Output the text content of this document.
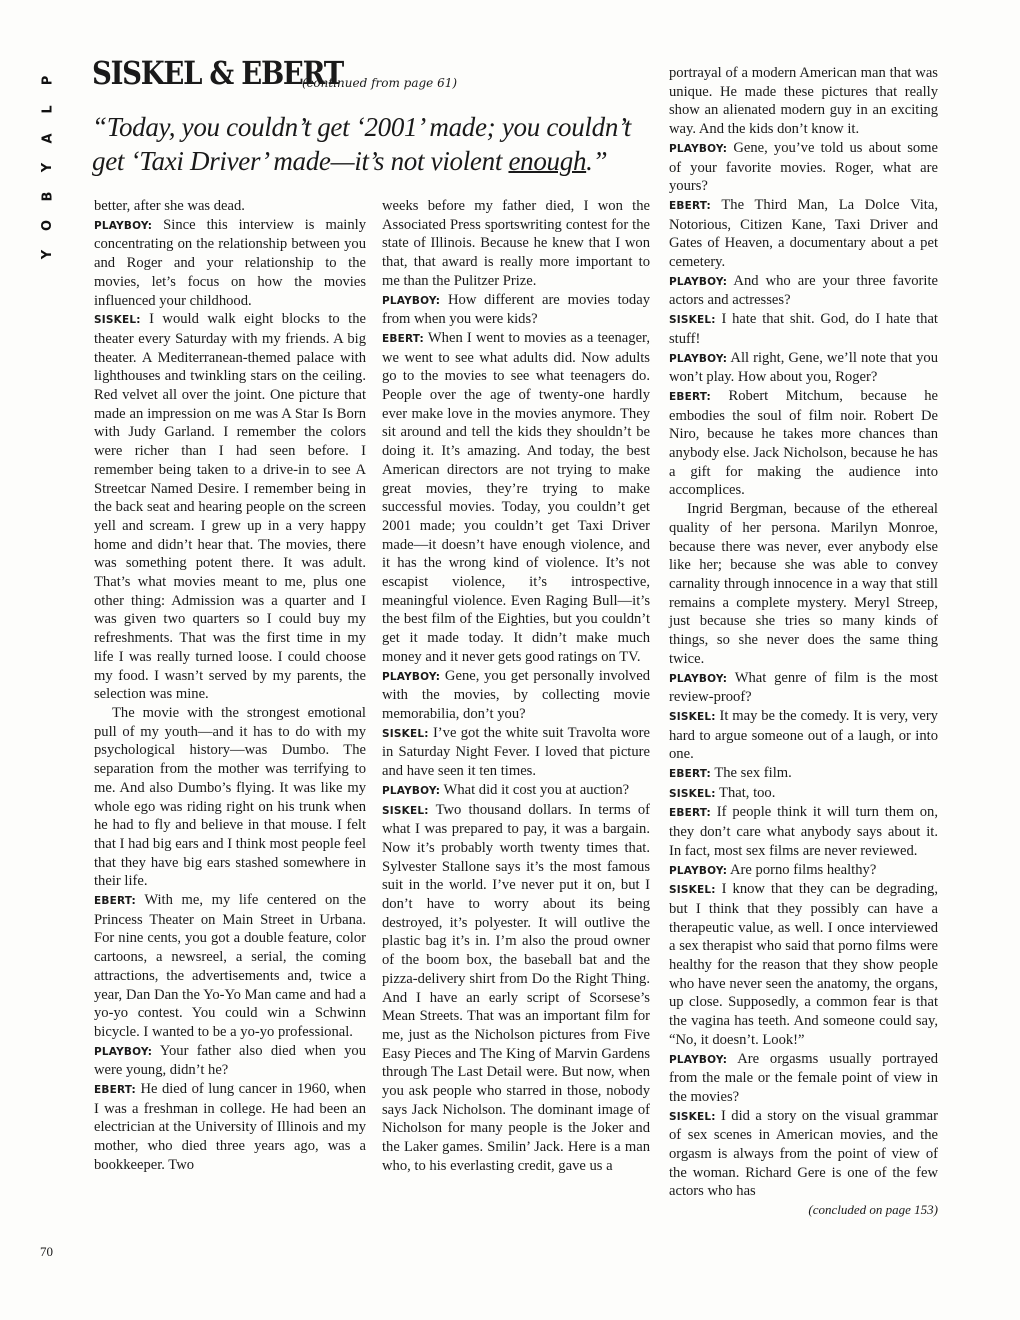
P
L
A
Y
B
O
Y
SISKEL & EBERT
(continued from page 61)
“Today, you couldn’t get ‘2001’ made; you couldn’t get ‘Taxi Driver’ made—it’s not violent enough.”

better, after she was dead.

PLAYBOY: Since this interview is mainly concentrating on the relationship between you and Roger and your relationship to the movies, let’s focus on how the movies influenced your childhood.

SISKEL: I would walk eight blocks to the theater every Saturday with my friends. A big theater. A Mediterranean-themed palace with lighthouses and twinkling stars on the ceiling. Red velvet all over the joint. One picture that made an impression on me was A Star Is Born with Judy Garland. I remember the colors were richer than I had seen before. I remember being taken to a drive-in to see A Streetcar Named Desire. I remember being in the back seat and hearing people on the screen yell and scream. I grew up in a very happy home and didn’t hear that. The movies, there was something potent there. It was adult. That’s what movies meant to me, plus one other thing: Admission was a quarter and I was given two quarters so I could buy my refreshments. That was the first time in my life I was really turned loose. I could choose my food. I wasn’t served by my parents, the selection was mine.

The movie with the strongest emotional pull of my youth—and it has to do with my psychological history—was Dumbo. The separation from the mother was terrifying to me. And also Dumbo’s flying. It was like my whole ego was riding right on his trunk when he had to fly and believe in that mouse. I felt that I had big ears and I think most people feel that they have big ears stashed somewhere in their life.

EBERT: With me, my life centered on the Princess Theater on Main Street in Urbana. For nine cents, you got a double feature, color cartoons, a newsreel, a serial, the coming attractions, the advertisements and, twice a year, Dan Dan the Yo-Yo Man came and had a yo-yo contest. You could win a Schwinn bicycle. I wanted to be a yo-yo professional.

PLAYBOY: Your father also died when you were young, didn’t he?

EBERT: He died of lung cancer in 1960, when I was a freshman in college. He had been an electrician at the University of Illinois and my mother, who died three years ago, was a bookkeeper. Two

weeks before my father died, I won the Associated Press sportswriting contest for the state of Illinois. Because he knew that I won that, that award is really more important to me than the Pulitzer Prize.

PLAYBOY: How different are movies today from when you were kids?

EBERT: When I went to movies as a teenager, we went to see what adults did. Now adults go to the movies to see what teenagers do. People over the age of twenty-one hardly ever make love in the movies anymore. They sit around and tell the kids they shouldn’t be doing it. It’s amazing. And today, the best American directors are not trying to make great movies, they’re trying to make successful movies. Today, you couldn’t get 2001 made; you couldn’t get Taxi Driver made—it doesn’t have enough violence, and it has the wrong kind of violence. It’s not escapist violence, it’s introspective, meaningful violence. Even Raging Bull—it’s the best film of the Eighties, but you couldn’t get it made today. It didn’t make much money and it never gets good ratings on TV.

PLAYBOY: Gene, you get personally involved with the movies, by collecting movie memorabilia, don’t you?

SISKEL: I’ve got the white suit Travolta wore in Saturday Night Fever. I loved that picture and have seen it ten times.

PLAYBOY: What did it cost you at auction?

SISKEL: Two thousand dollars. In terms of what I was prepared to pay, it was a bargain. Now it’s probably worth twenty times that. Sylvester Stallone says it’s the most famous suit in the world. I’ve never put it on, but I don’t have to worry about its being destroyed, it’s polyester. It will outlive the plastic bag it’s in. I’m also the proud owner of the boom box, the baseball bat and the pizza-delivery shirt from Do the Right Thing. And I have an early script of Scorsese’s Mean Streets. That was an important film for me, just as the Nicholson pictures from Five Easy Pieces and The King of Marvin Gardens through The Last Detail were. But now, when you ask people who starred in those, nobody says Jack Nicholson. The dominant image of Nicholson for many people is the Joker and the Laker games. Smilin’ Jack. Here is a man who, to his everlasting credit, gave us a

portrayal of a modern American man that was unique. He made these pictures that really show an alienated modern guy in an exciting way. And the kids don’t know it.

PLAYBOY: Gene, you’ve told us about some of your favorite movies. Roger, what are yours?

EBERT: The Third Man, La Dolce Vita, Notorious, Citizen Kane, Taxi Driver and Gates of Heaven, a documentary about a pet cemetery.

PLAYBOY: And who are your three favorite actors and actresses?

SISKEL: I hate that shit. God, do I hate that stuff!

PLAYBOY: All right, Gene, we’ll note that you won’t play. How about you, Roger?

EBERT: Robert Mitchum, because he embodies the soul of film noir. Robert De Niro, because he takes more chances than anybody else. Jack Nicholson, because he has a gift for making the audience into accomplices.

Ingrid Bergman, because of the ethereal quality of her persona. Marilyn Monroe, because there was never, ever anybody else like her; because she was able to convey carnality through innocence in a way that still remains a complete mystery. Meryl Streep, just because she tries so many kinds of things, so she never does the same thing twice.

PLAYBOY: What genre of film is the most review-proof?

SISKEL: It may be the comedy. It is very, very hard to argue someone out of a laugh, or into one.

EBERT: The sex film.

SISKEL: That, too.

EBERT: If people think it will turn them on, they don’t care what anybody says about it. In fact, most sex films are never reviewed.

PLAYBOY: Are porno films healthy?

SISKEL: I know that they can be degrading, but I think that they possibly can have a therapeutic value, as well. I once interviewed a sex therapist who said that porno films were healthy for the reason that they show people who have never seen the anatomy, the organs, up close. Supposedly, a common fear is that the vagina has teeth. And someone could say, “No, it doesn’t. Look!”

PLAYBOY: Are orgasms usually portrayed from the male or the female point of view in the movies?

SISKEL: I did a story on the visual grammar of sex scenes in American movies, and the orgasm is always from the point of view of the woman. Richard Gere is one of the few actors who has

(concluded on page 153)

70
